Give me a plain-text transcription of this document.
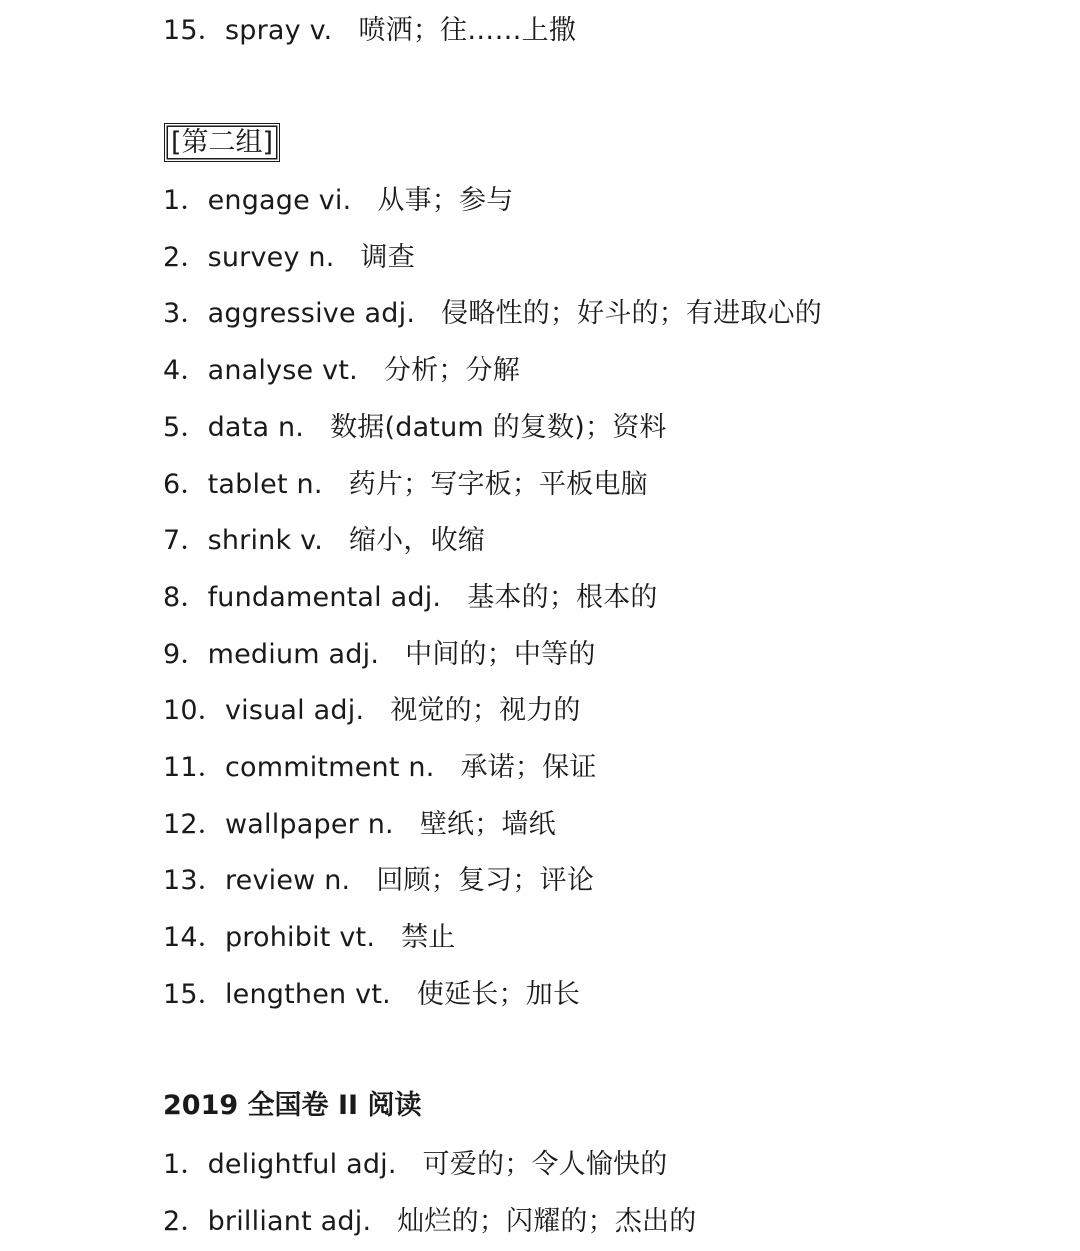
15．spray v. 喷洒；往……上撒
[第二组]
1．engage vi. 从事；参与
2．survey n. 调查
3．aggressive adj. 侵略性的；好斗的；有进取心的
4．analyse vt. 分析；分解
5．data n. 数据(datum 的复数)；资料
6．tablet n. 药片；写字板；平板电脑
7．shrink v. 缩小，收缩
8．fundamental adj. 基本的；根本的
9．medium adj. 中间的；中等的
10．visual adj. 视觉的；视力的
11．commitment n. 承诺；保证
12．wallpaper n. 壁纸；墙纸
13．review n. 回顾；复习；评论
14．prohibit vt. 禁止
15．lengthen vt. 使延长；加长
2019 全国卷 II 阅读
1．delightful adj. 可爱的；令人愉快的
2．brilliant adj. 灿烂的；闪耀的；杰出的
